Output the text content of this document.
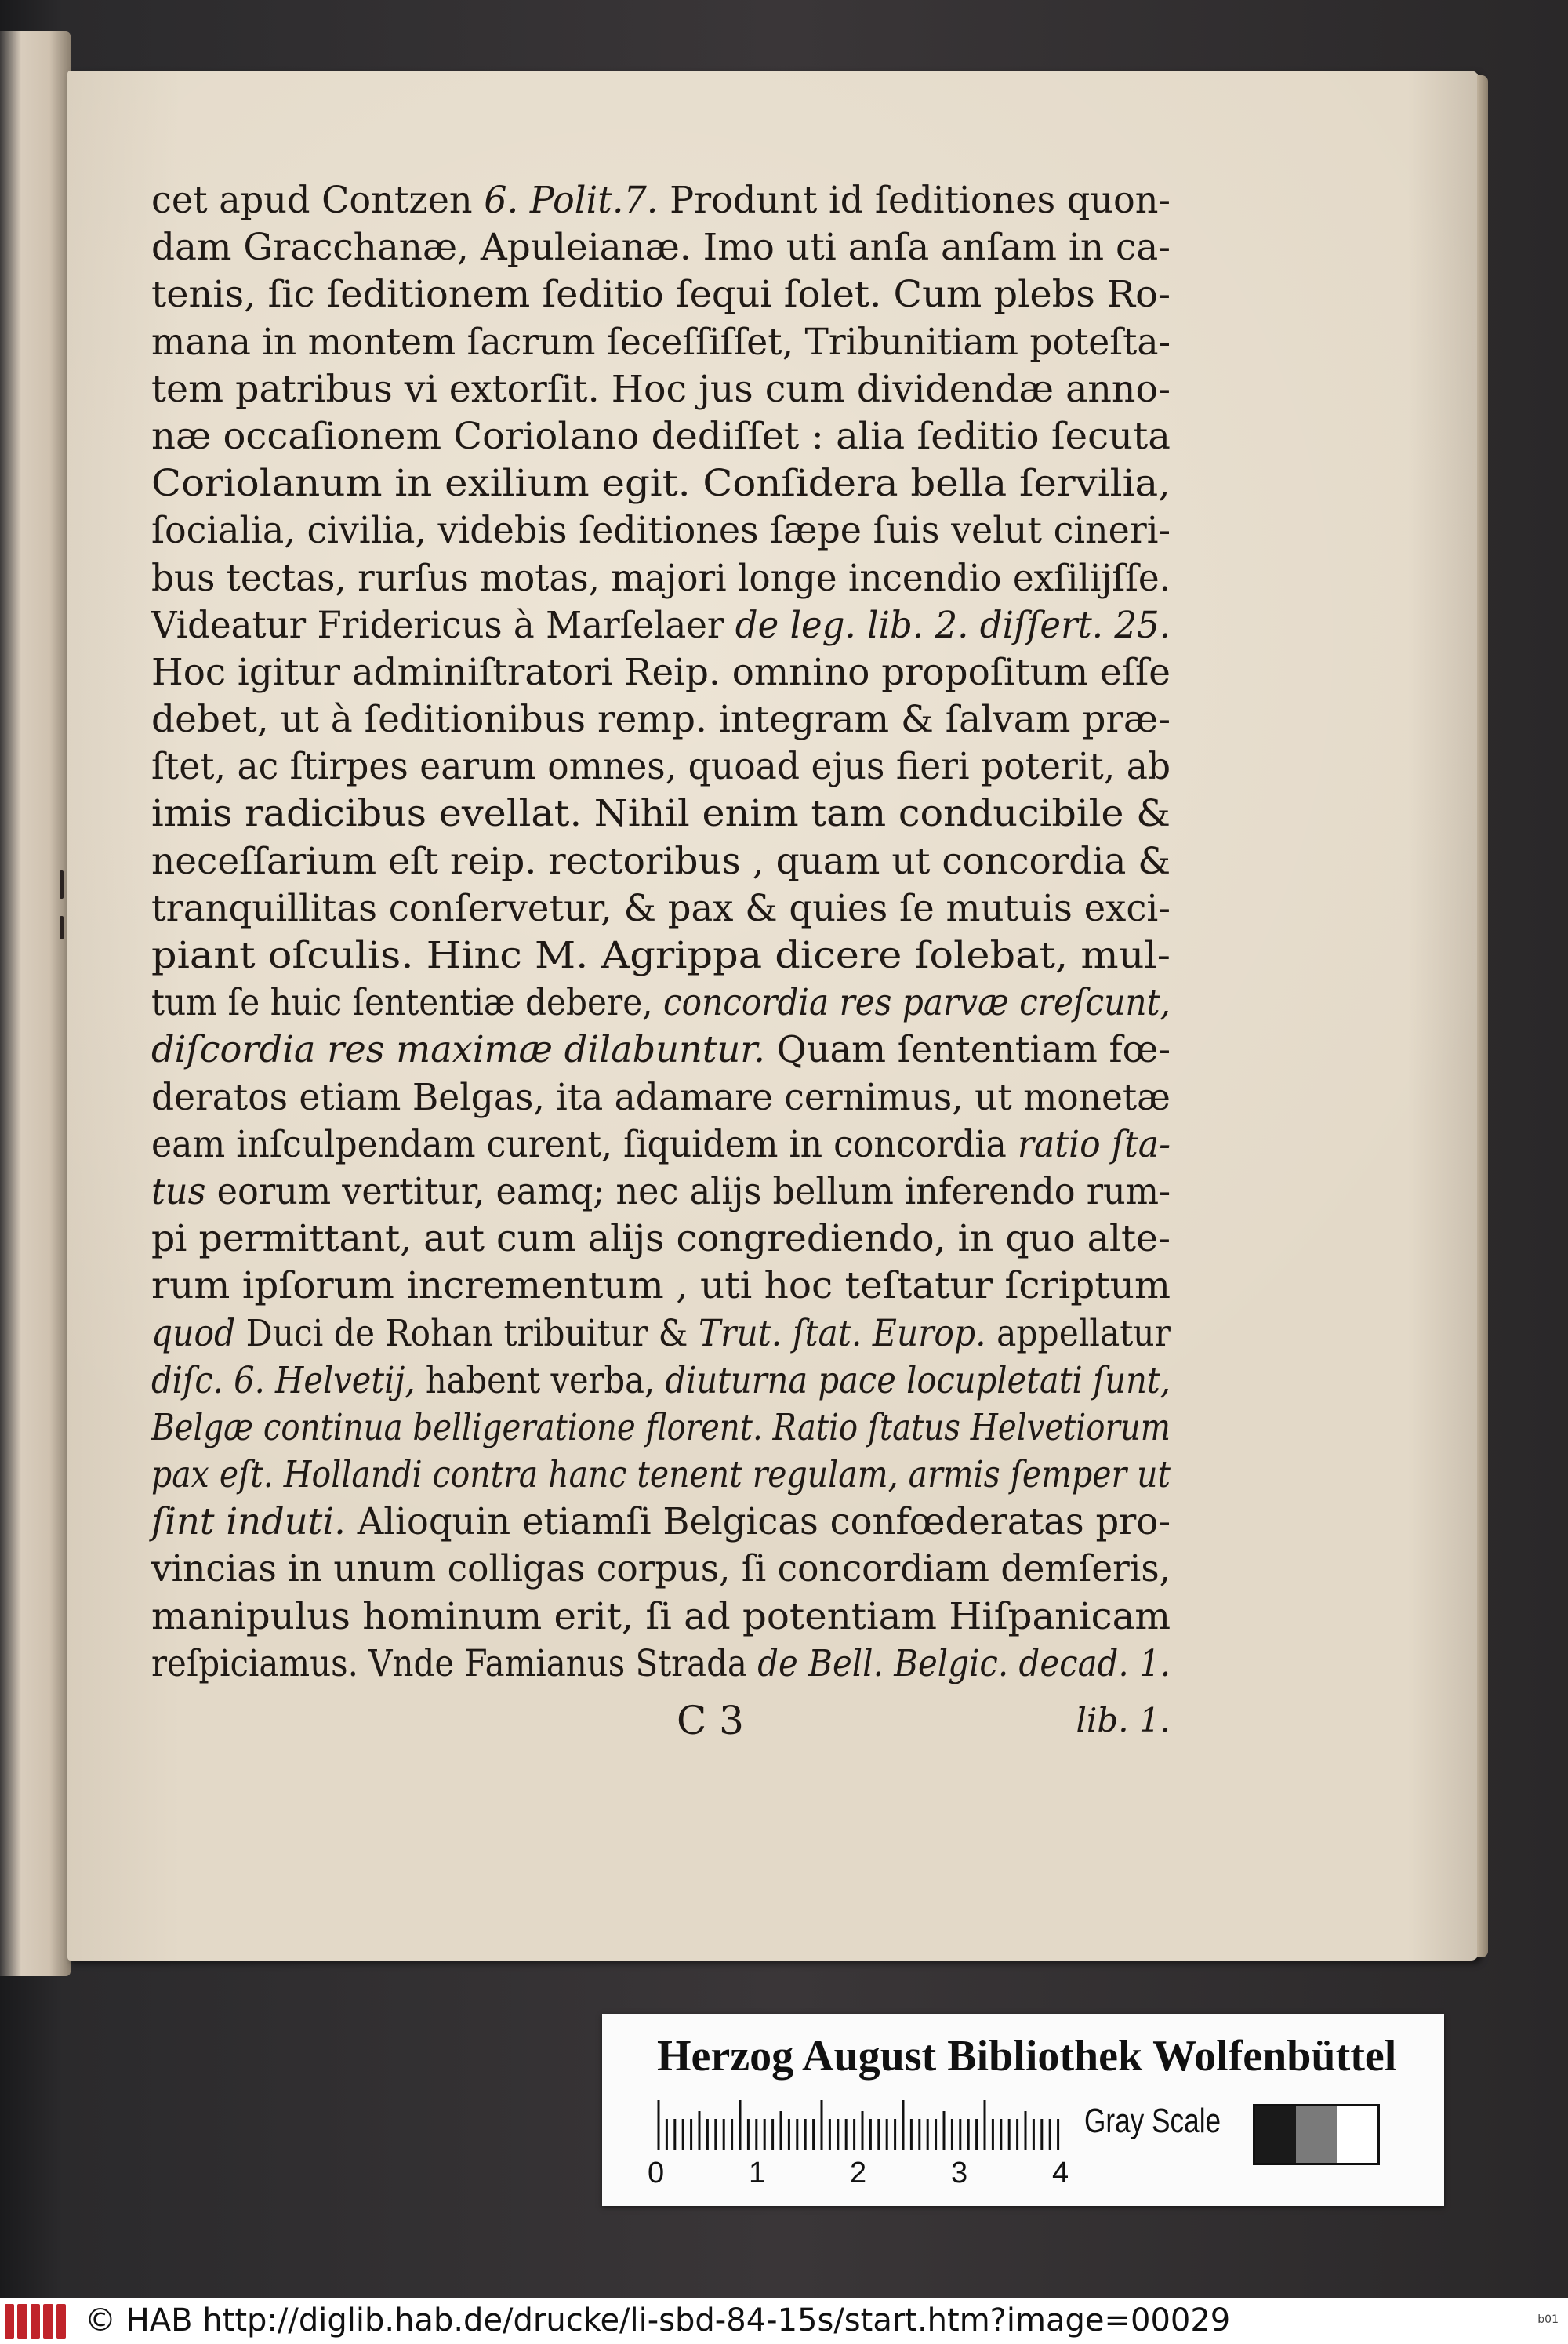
cet apud Contzen 6. Polit.7. Produnt id ſeditiones quon-
dam Gracchanæ, Apuleianæ. Imo uti anſa anſam in ca-
tenis, ſic ſeditionem ſeditio ſequi ſolet. Cum plebs Ro-
mana in montem ſacrum ſeceſſiſſet, Tribunitiam poteſta-
tem patribus vi extorſit. Hoc jus cum dividendæ anno-
næ occaſionem Coriolano dediſſet : alia ſeditio ſecuta
Coriolanum in exilium egit. Conſidera bella ſervilia,
ſocialia, civilia, videbis ſeditiones ſæpe ſuis velut cineri-
bus tectas, rurſus motas, majori longe incendio exſilijſſe.
Videatur Fridericus à Marſelaer de leg. lib. 2. diſſert. 25.
Hoc igitur adminiſtratori Reip. omnino propoſitum eſſe
debet, ut à ſeditionibus remp. integram & ſalvam præ-
ſtet, ac ſtirpes earum omnes, quoad ejus fieri poterit, ab
imis radicibus evellat. Nihil enim tam conducibile &
neceſſarium eſt reip. rectoribus , quam ut concordia &
tranquillitas conſervetur, & pax & quies ſe mutuis exci-
piant oſculis. Hinc M. Agrippa dicere ſolebat, mul-
tum ſe huic ſententiæ debere, concordia res parvæ creſcunt,
diſcordia res maximæ dilabuntur. Quam ſententiam fœ-
deratos etiam Belgas, ita adamare cernimus, ut monetæ
eam inſculpendam curent, ſiquidem in concordia ratio ſta-
tus eorum vertitur, eamq; nec alijs bellum inferendo rum-
pi permittant, aut cum alijs congrediendo, in quo alte-
rum ipſorum incrementum , uti hoc teſtatur ſcriptum
quod Duci de Rohan tribuitur & Trut. ſtat. Europ. appellatur
diſc. 6. Helvetij, habent verba, diuturna pace locupletati ſunt,
Belgæ continua belligeratione florent. Ratio ſtatus Helvetiorum
pax eſt. Hollandi contra hanc tenent regulam, armis ſemper ut
ſint induti. Alioquin etiamſi Belgicas confœderatas pro-
vincias in unum colligas corpus, ſi concordiam demſeris,
manipulus hominum erit, ſi ad potentiam Hiſpanicam
reſpiciamus. Vnde Famianus Strada de Bell. Belgic. decad. 1.
C 3	lib. 1.
Herzog August Bibliothek Wolfenbüttel
0	1	2	3	4
Gray Scale
© HAB http://diglib.hab.de/drucke/li-sbd-84-15s/start.htm?image=00029	b01
